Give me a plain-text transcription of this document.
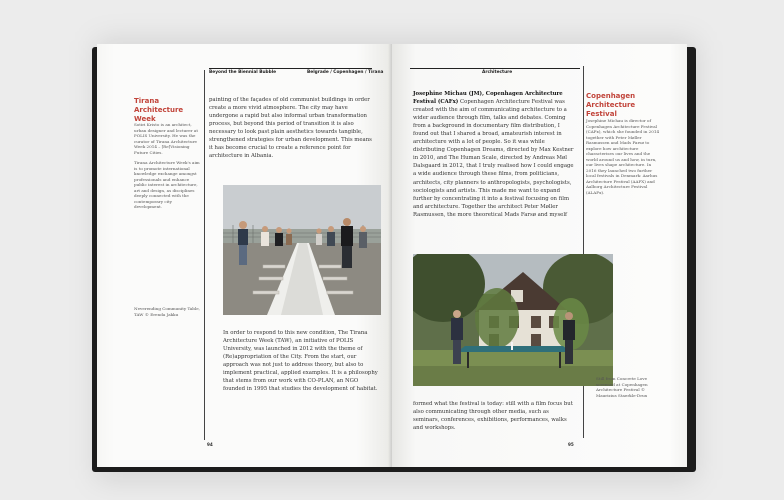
Beyond the Biennial Bubble	Belgrade / Copenhagen / Tirana
Tirana Architecture Week

Sotiri Kristo is an architect, urban designer and lecturer at POLIS University. He was the curator of Tirana Architecture Week 2014 – [Re]Visioning Future Cities.

Tirana Architecture Week's aim is to promote international knowledge exchange amongst professionals and enhance public interest in architecture, art and design, as disciplines deeply connected with the contemporary city development.

Neverending Community Table, TAW © Erenda Jakku

painting of the façades of old communist buildings in order create a more vivid atmosphere. The city may have undergone a rapid but also informal urban transformation process, but beyond this period of transition it is also necessary to look past plain aesthetics towards tangible, strengthened strategies for urban development. This means it has become crucial to create a reference point for architecture in Albania.

In order to respond to this new condition, The Tirana Architecture Week (TAW), an initiative of POLIS University, was launched in 2012 with the theme of (Re)appropriation of the City. From the start, our approach was not just to address theory, but also to implement practical, applied examples. It is a philosophy that stems from our work with CO-PLAN, an NGO founded in 1995 that studies the development of habitat.

94
Architecture

Josephine Michau (JM), Copenhagen Architecture Festival (CAFx) Copenhagen Architecture Festival was created with the aim of communicating architecture to a wider audience through film, talks and debates. Coming from a background in documentary film distribution, I found out that I shared a broad, amateurish interest in architecture with a lot of people. So it was while distributing Copenhagen Dreams, directed by Max Kestner in 2010, and The Human Scale, directed by Andreas Møl Dalsgaard in 2012, that I truly realised how I could engage a wide audience through these films, from politicians, architects, city planners to anthropologists, psychologists, sociologists and artists. This made me want to expand further by concentrating it into a festival focusing on film and architecture. Together the architect Peter Møller Rasmussen, the more theoretical Mads Farsø and myself

Copenhagen Architecture Festival
Josephine Michau is director of Copenhagen Architecture Festival (CAFx), which she founded in 2014 together with Peter Møller Rasmussen and Mads Farsø to explore how architecture characterises our lives and the world around us and how, in turn, our lives shape architecture. In 2016 they launched two further local festivals in Denmark: Aarhus Architecture Festival (AAFX) and Aalborg Architecture Festival (ALAFx).
Still from Concrete Love screened at Copenhagen Architecture Festival © Maurizius Staerkle-Drux

formed what the festival is today: still with a film focus but also communicating through other media, such as seminars, conferences, exhibitions, performances, walks and workshops.

95
